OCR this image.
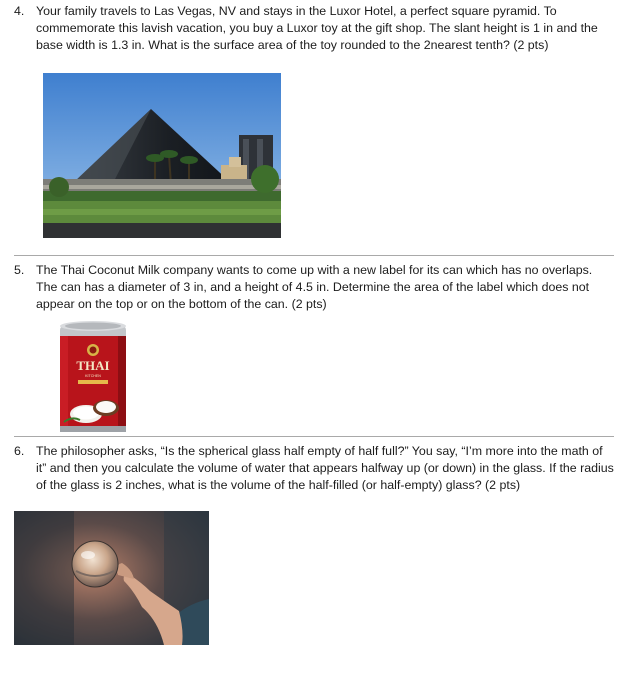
4. Your family travels to Las Vegas, NV and stays in the Luxor Hotel, a perfect square pyramid. To commemorate this lavish vacation, you buy a Luxor toy at the gift shop. The slant height is 1 in and the base width is 1.3 in. What is the surface area of the toy rounded to the 2nearest tenth? (2 pts)
5. The Thai Coconut Milk company wants to come up with a new label for its can which has no overlaps. The can has a diameter of 3 in, and a height of 4.5 in. Determine the area of the label which does not appear on the top or on the bottom of the can. (2 pts)
THAI
KITCHEN
6. The philosopher asks, “Is the spherical glass half empty of half full?” You say, “I’m more into the math of it” and then you calculate the volume of water that appears halfway up (or down) in the glass. If the radius of the glass is 2 inches, what is the volume of the half-filled (or half-empty) glass? (2 pts)
